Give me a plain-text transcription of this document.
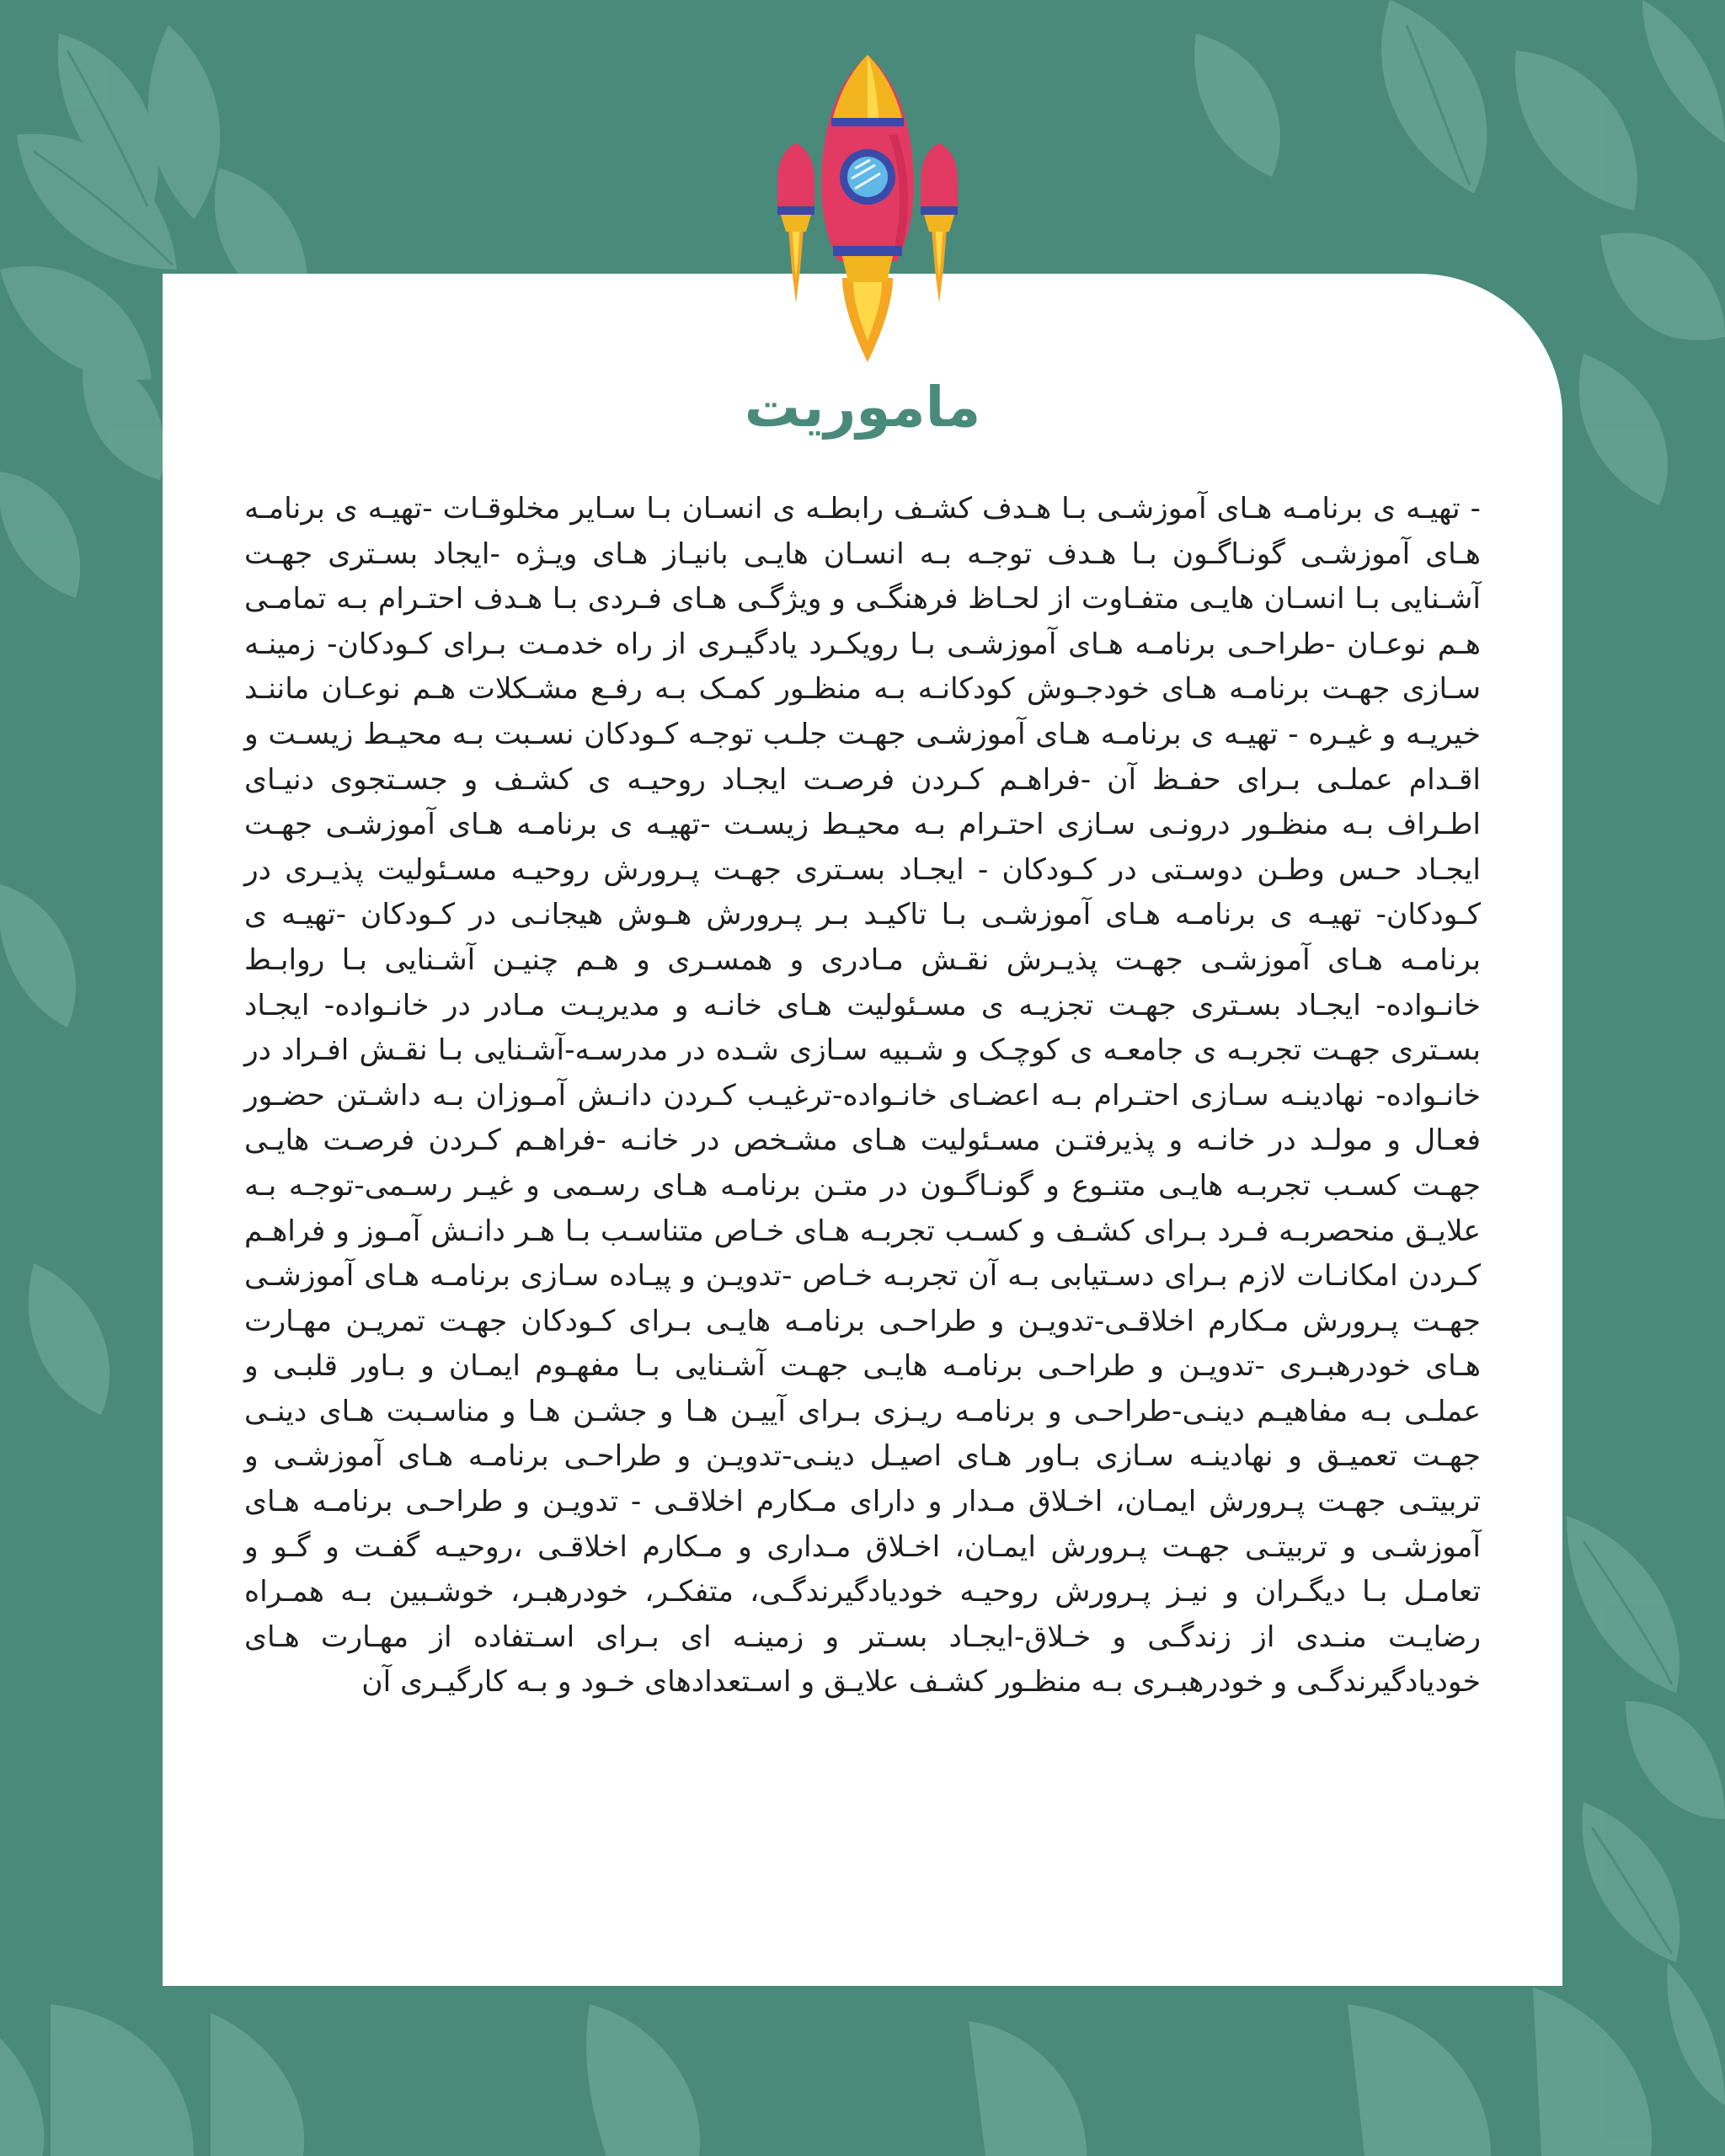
ماموریت

- تهیـه ی برنامـه هـای آموزشـی بـا هـدف کشـف رابطـه ی انسـان بـا سـایر مخلوقـات -تهیـه ی برنامـه هـای آموزشـی گونـاگـون بـا هـدف توجـه بـه انسـان هایـی بانیـاز هـای ویـژه -ایجاد بسـتری جهـت آشـنایی بـا انسـان هایـی متفـاوت از لحـاظ فرهنگـی و ویژگـی هـای فـردی بـا هـدف احتـرام بـه تمامـی هـم نوعـان -طراحـی برنامـه هـای آموزشـی بـا رویکـرد یادگیـری از راه خدمـت بـرای کـودکان- زمینـه سـازی جهـت برنامـه هـای خودجـوش کودکانـه بـه منظـور کمـک بـه رفـع مشـکلات هـم نوعـان ماننـد خیریـه و غیـره - تهیـه ی برنامـه هـای آموزشـی جهـت جلـب توجـه کـودکان نسـبت بـه محیـط زیسـت و اقـدام عملـی بـرای حفـظ آن -فراهـم کـردن فرصـت ایجـاد روحیـه ی کشـف و جسـتجوی دنیـای اطـراف بـه منظـور درونـی سـازی احتـرام بـه محیـط زیسـت -تهیـه ی برنامـه هـای آموزشـی جهـت ایجـاد حـس وطـن دوسـتی در کـودکان - ایجـاد بسـتری جهـت پـرورش روحیـه مسـئولیت پذیـری در کـودکان- تهیـه ی برنامـه هـای آموزشـی بـا تاکیـد بـر پـرورش هـوش هیجانـی در کـودکان -تهیـه ی برنامـه هـای آموزشـی جهـت پذیـرش نقـش مـادری و همسـری و هـم چنیـن آشـنایی بـا روابـط خانـواده- ایجـاد بسـتری جهـت تجزیـه ی مسـئولیت هـای خانـه و مدیریـت مـادر در خانـواده- ایجـاد بسـتری جهـت تجربـه ی جامعـه ی کوچـک و شـبیه سـازی شـده در مدرسـه-آشـنایی بـا نقـش افـراد در خانـواده- نهادینـه سـازی احتـرام بـه اعضـای خانـواده-ترغیـب کـردن دانـش آمـوزان بـه داشـتن حضـور فعـال و مولـد در خانـه و پذیرفتـن مسـئولیت هـای مشـخص در خانـه -فراهـم کـردن فرصـت هایـی جهـت کسـب تجربـه هایـی متنـوع و گونـاگـون در متـن برنامـه هـای رسـمی و غیـر رسـمی-توجـه بـه علایـق منحصربـه فـرد بـرای کشـف و کسـب تجربـه هـای خـاص متناسـب بـا هـر دانـش آمـوز و فراهـم کـردن امکانـات لازم بـرای دسـتیابی بـه آن تجربـه خـاص -تدویـن و پیـاده سـازی برنامـه هـای آموزشـی جهـت پـرورش مـکارم اخلاقـی-تدویـن و طراحـی برنامـه هایـی بـرای کـودکان جهـت تمریـن مهـارت هـای خودرهبـری -تدویـن و طراحـی برنامـه هایـی جهـت آشـنایی بـا مفهـوم ایمـان و بـاور قلبـی و عملـی بـه مفاهیـم دینـی-طراحـی و برنامـه ریـزی بـرای آییـن هـا و جشـن هـا و مناسـبت هـای دینـی جهـت تعمیـق و نهادینـه سـازی بـاور هـای اصیـل دینـی-تدویـن و طراحـی برنامـه هـای آموزشـی و تربیتـی جهـت پـرورش ایمـان، اخـلاق مـدار و دارای مـکارم اخلاقـی - تدویـن و طراحـی برنامـه هـای آموزشـی و تربیتـی جهـت پـرورش ایمـان، اخـلاق مـداری و مـکارم اخلاقـی ،روحیـه گفـت و گـو و تعامـل بـا دیگـران و نیـز پـرورش روحیـه خودیادگیرندگـی، متفکـر، خودرهبـر، خوشـبین بـه همـراه رضایـت منـدی از زندگـی و خـلاق-ایجـاد بسـتر و زمینـه ای بـرای اسـتفاده از مهـارت هـای خودیادگیرندگـی و خودرهبـری بـه منظـور کشـف علایـق و اسـتعدادهای خـود و بـه کارگیـری آن
